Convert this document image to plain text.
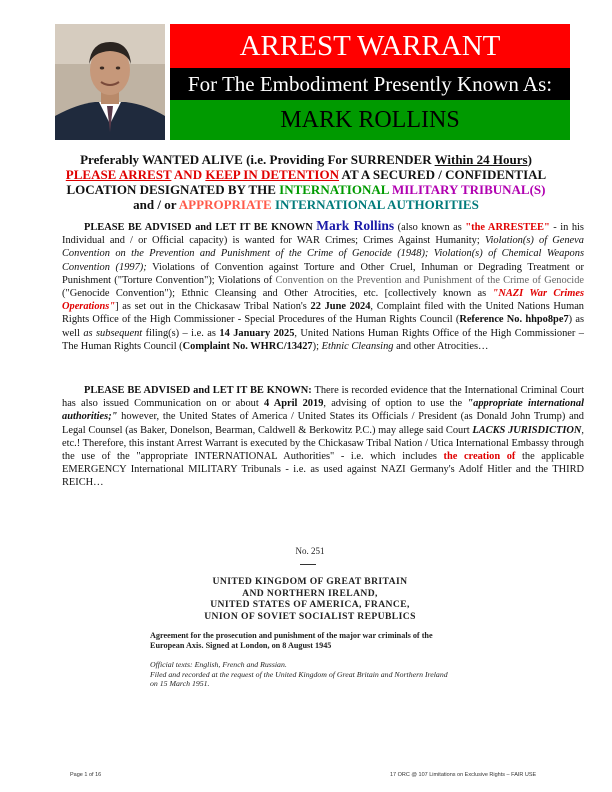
ARREST WARRANT
For The Embodiment Presently Known As:
MARK ROLLINS
Preferably WANTED ALIVE (i.e. Providing For SURRENDER Within 24 Hours)
PLEASE ARREST AND KEEP IN DETENTION AT A SECURED / CONFIDENTIAL
LOCATION DESIGNATED BY THE INTERNATIONAL MILITARY TRIBUNAL(S)
and / or APPROPRIATE INTERNATIONAL AUTHORITIES
PLEASE BE ADVISED and LET IT BE KNOWN Mark Rollins (also known as "the ARRESTEE" - in his Individual and / or Official capacity) is wanted for WAR Crimes; Crimes Against Humanity; Violation(s) of Geneva Convention on the Prevention and Punishment of the Crime of Genocide (1948); Violation(s) of Chemical Weapons Convention (1997); Violations of Convention against Torture and Other Cruel, Inhuman or Degrading Treatment or Punishment ("Torture Convention"); Violations of Convention on the Prevention and Punishment of the Crime of Genocide ("Genocide Convention"); Ethnic Cleansing and Other Atrocities, etc. [collectively known as "NAZI War Crimes Operations"] as set out in the Chickasaw Tribal Nation's 22 June 2024, Complaint filed with the United Nations Human Rights Office of the High Commissioner - Special Procedures of the Human Rights Council (Reference No. hhpo8pe7) as well as subsequent filing(s) – i.e. as 14 January 2025, United Nations Human Rights Office of the High Commissioner – The Human Rights Council (Complaint No. WHRC/13427); Ethnic Cleansing and other Atrocities…
PLEASE BE ADVISED and LET IT BE KNOWN: There is recorded evidence that the International Criminal Court has also issued Communication on or about 4 April 2019, advising of option to use the "appropriate international authorities;" however, the United States of America / United States its Officials / President (as Donald John Trump) and Legal Counsel (as Baker, Donelson, Bearman, Caldwell & Berkowitz P.C.) may allege said Court LACKS JURISDICTION, etc.! Therefore, this instant Arrest Warrant is executed by the Chickasaw Tribal Nation / Utica International Embassy through the use of the "appropriate INTERNATIONAL Authorities" - i.e. which includes the creation of the applicable EMERGENCY International MILITARY Tribunals - i.e. as used against NAZI Germany's Adolf Hitler and the THIRD REICH…
No. 251
UNITED KINGDOM OF GREAT BRITAIN
AND NORTHERN IRELAND,
UNITED STATES OF AMERICA, FRANCE,
UNION OF SOVIET SOCIALIST REPUBLICS
Agreement for the prosecution and punishment of the major war criminals of the European Axis. Signed at London, on 8 August 1945
Official texts: English, French and Russian.
Filed and recorded at the request of the United Kingdom of Great Britain and Northern Ireland on 15 March 1951.
Page 1 of 16	17 ORC @ 107 Limitations on Exclusive Rights – FAIR USE
